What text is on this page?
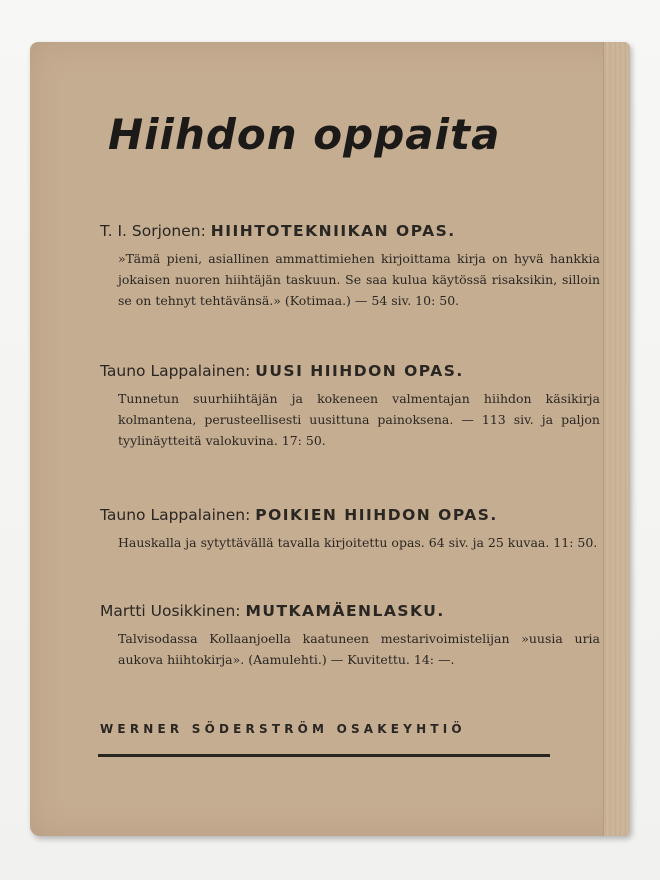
Hiihdon oppaita

T. I. Sorjonen: HIIHTOTEKNIIKAN OPAS.

»Tämä pieni, asiallinen ammattimiehen kirjoittama kirja on hyvä hankkia jokaisen nuoren hiihtäjän taskuun. Se saa kulua käytössä risaksikin, silloin se on tehnyt tehtävänsä.» (Kotimaa.) — 54 siv. 10: 50.

Tauno Lappalainen: UUSI HIIHDON OPAS.

Tunnetun suurhiihtäjän ja kokeneen valmentajan hiihdon käsikirja kolmantena, perusteellisesti uusittuna painoksena. — 113 siv. ja paljon tyylinäytteitä valokuvina. 17: 50.

Tauno Lappalainen: POIKIEN HIIHDON OPAS.

Hauskalla ja sytyttävällä tavalla kirjoitettu opas. 64 siv. ja 25 kuvaa. 11: 50.

Martti Uosikkinen: MUTKAMÄENLASKU.

Talvisodassa Kollaanjoella kaatuneen mestarivoimistelijan »uusia uria aukova hiihtokirja». (Aamulehti.) — Kuvitettu. 14: —.

WERNER SÖDERSTRÖM OSAKEYHTIÖ
